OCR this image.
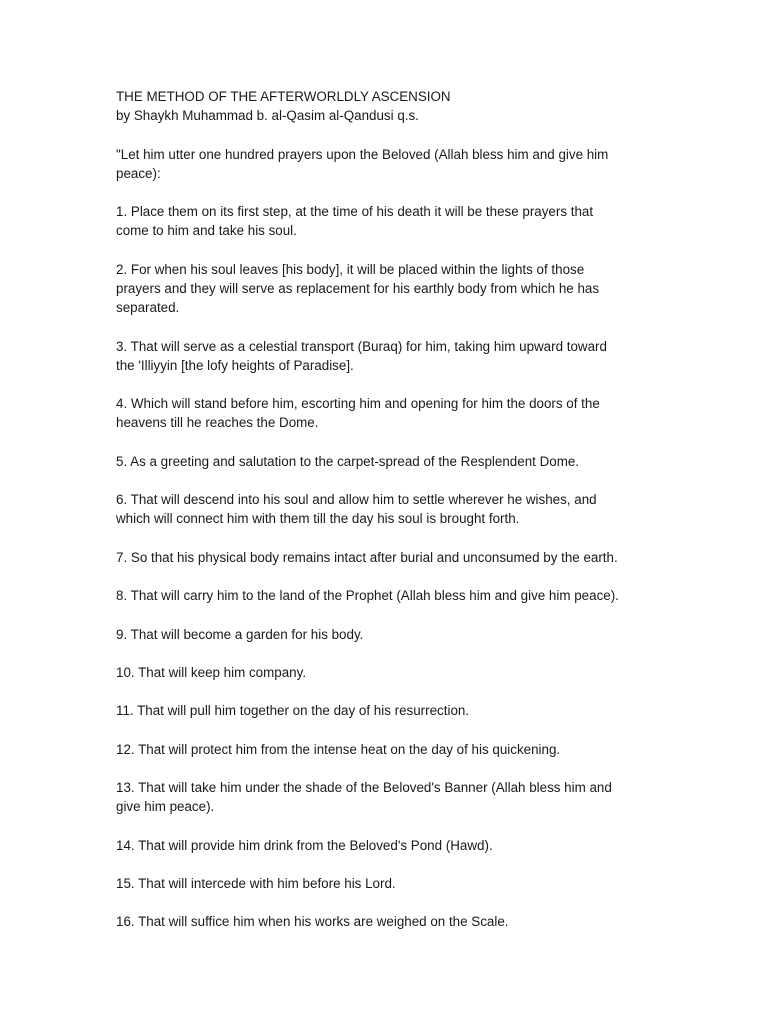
THE METHOD OF THE AFTERWORLDLY ASCENSION
by Shaykh Muhammad b. al-Qasim al-Qandusi q.s.
"Let him utter one hundred prayers upon the Beloved (Allah bless him and give him
peace):
1. Place them on its first step, at the time of his death it will be these prayers that
come to him and take his soul.
2. For when his soul leaves [his body], it will be placed within the lights of those
prayers and they will serve as replacement for his earthly body from which he has
separated.
3. That will serve as a celestial transport (Buraq) for him, taking him upward toward
the 'Illiyyin [the lofy heights of Paradise].
4. Which will stand before him, escorting him and opening for him the doors of the
heavens till he reaches the Dome.
5. As a greeting and salutation to the carpet-spread of the Resplendent Dome.
6. That will descend into his soul and allow him to settle wherever he wishes, and
which will connect him with them till the day his soul is brought forth.
7. So that his physical body remains intact after burial and unconsumed by the earth.
8. That will carry him to the land of the Prophet (Allah bless him and give him peace).
9. That will become a garden for his body.
10. That will keep him company.
11. That will pull him together on the day of his resurrection.
12. That will protect him from the intense heat on the day of his quickening.
13. That will take him under the shade of the Beloved's Banner (Allah bless him and
give him peace).
14. That will provide him drink from the Beloved's Pond (Hawd).
15. That will intercede with him before his Lord.
16. That will suffice him when his works are weighed on the Scale.
